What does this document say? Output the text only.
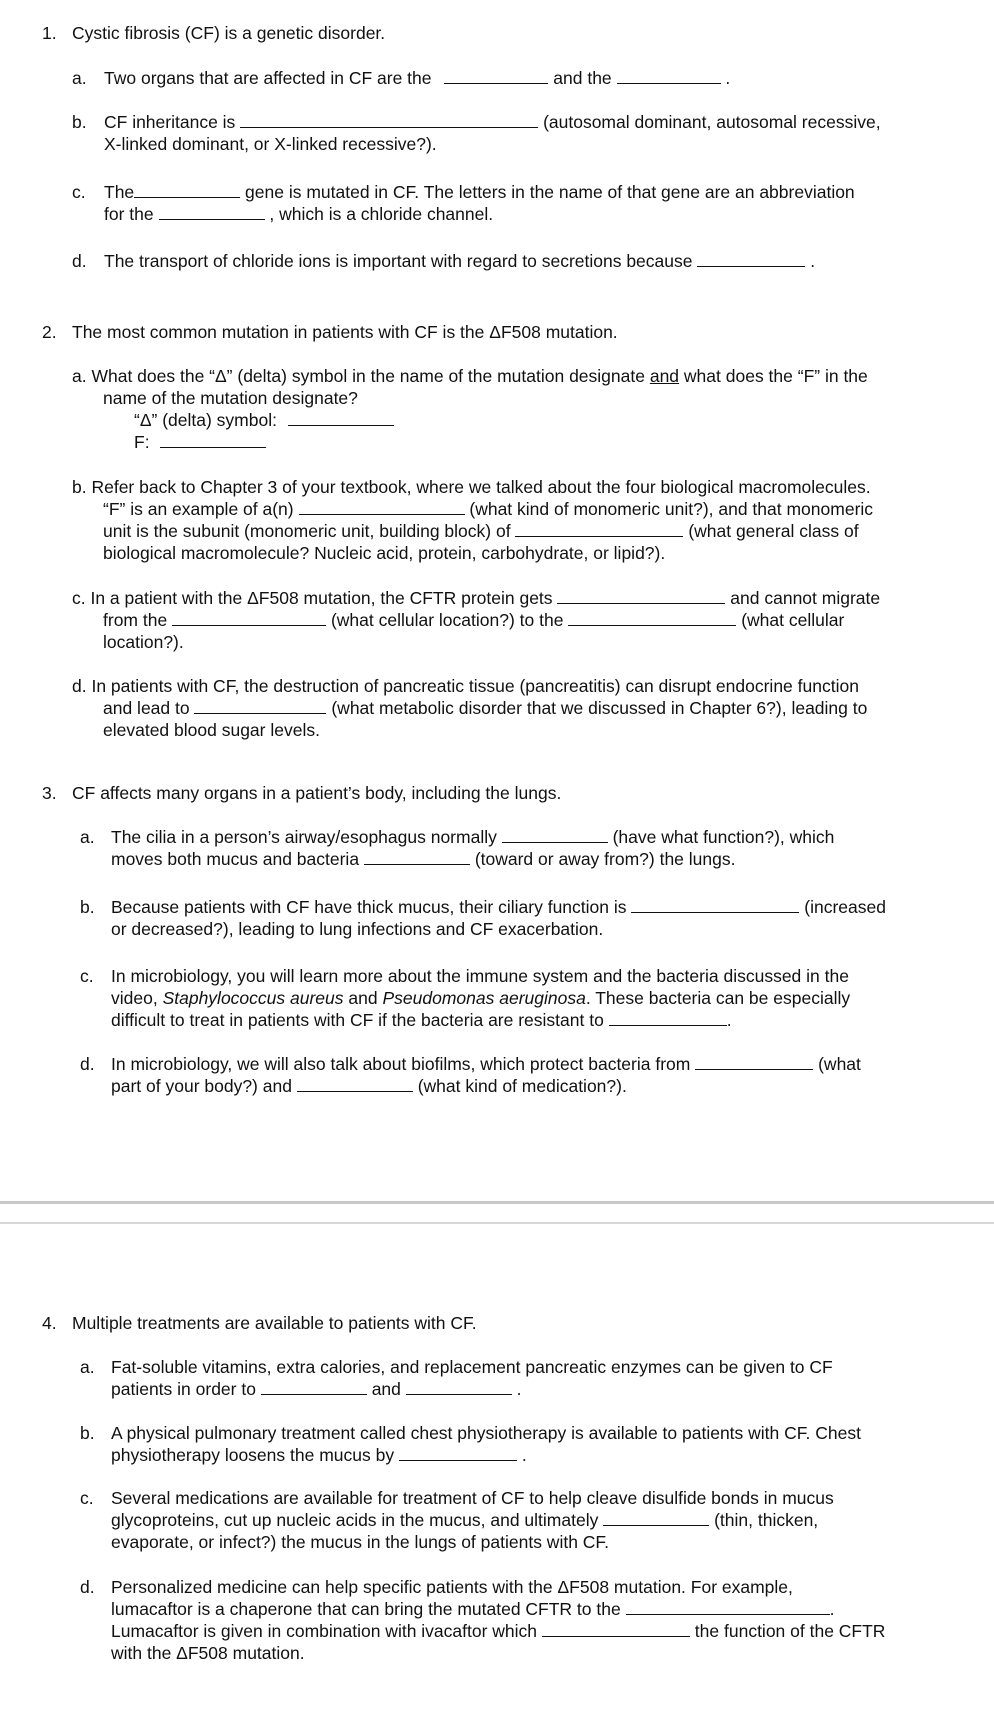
1. Cystic fibrosis (CF) is a genetic disorder.
a. Two organs that are affected in CF are the	and the	.
b. CF inheritance is	(autosomal dominant, autosomal recessive,
X-linked dominant, or X-linked recessive?).
c. The	gene is mutated in CF. The letters in the name of that gene are an abbreviation
for the	, which is a chloride channel.
d. The transport of chloride ions is important with regard to secretions because	.
2. The most common mutation in patients with CF is the ΔF508 mutation.
a. What does the “Δ” (delta) symbol in the name of the mutation designate and what does the “F” in the
name of the mutation designate?
“Δ” (delta) symbol:
F:
b. Refer back to Chapter 3 of your textbook, where we talked about the four biological macromolecules.
“F” is an example of a(n)	(what kind of monomeric unit?), and that monomeric
unit is the subunit (monomeric unit, building block) of	(what general class of
biological macromolecule? Nucleic acid, protein, carbohydrate, or lipid?).
c. In a patient with the ΔF508 mutation, the CFTR protein gets	and cannot migrate
from the	(what cellular location?) to the	(what cellular
location?).
d. In patients with CF, the destruction of pancreatic tissue (pancreatitis) can disrupt endocrine function
and lead to	(what metabolic disorder that we discussed in Chapter 6?), leading to
elevated blood sugar levels.
3. CF affects many organs in a patient’s body, including the lungs.
a. The cilia in a person’s airway/esophagus normally	(have what function?), which
moves both mucus and bacteria	(toward or away from?) the lungs.
b. Because patients with CF have thick mucus, their ciliary function is	(increased
or decreased?), leading to lung infections and CF exacerbation.
c. In microbiology, you will learn more about the immune system and the bacteria discussed in the
video, Staphylococcus aureus and Pseudomonas aeruginosa. These bacteria can be especially
difficult to treat in patients with CF if the bacteria are resistant to	.
d. In microbiology, we will also talk about biofilms, which protect bacteria from	(what
part of your body?) and	(what kind of medication?).
4. Multiple treatments are available to patients with CF.
a. Fat-soluble vitamins, extra calories, and replacement pancreatic enzymes can be given to CF
patients in order to	and	.
b. A physical pulmonary treatment called chest physiotherapy is available to patients with CF. Chest
physiotherapy loosens the mucus by	.
c. Several medications are available for treatment of CF to help cleave disulfide bonds in mucus
glycoproteins, cut up nucleic acids in the mucus, and ultimately	(thin, thicken,
evaporate, or infect?) the mucus in the lungs of patients with CF.
d. Personalized medicine can help specific patients with the ΔF508 mutation. For example,
lumacaftor is a chaperone that can bring the mutated CFTR to the	.
Lumacaftor is given in combination with ivacaftor which	the function of the CFTR
with the ΔF508 mutation.
